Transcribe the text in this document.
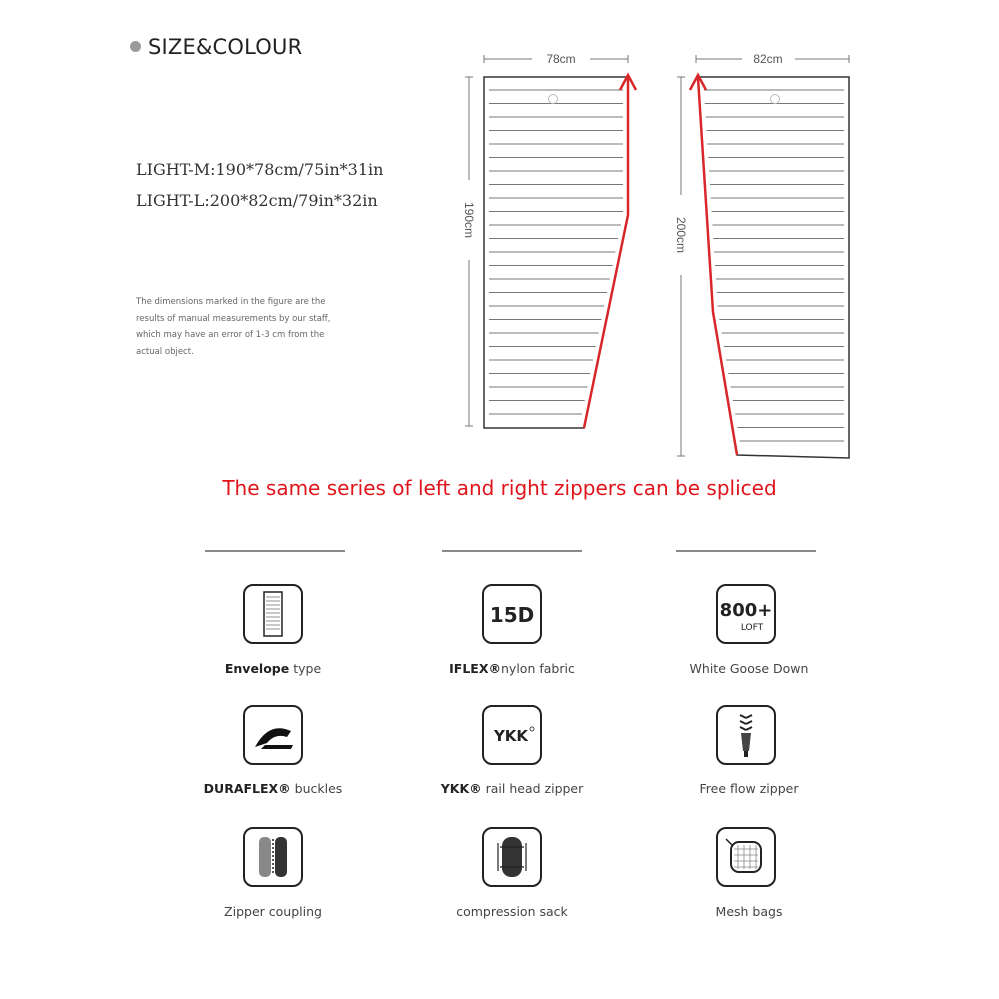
SIZE&COLOUR
LIGHT-M:190*78cm/75in*31in
LIGHT-L:200*82cm/79in*32in
The dimensions marked in the figure are the results of manual measurements by our staff, which may have an error of 1-3 cm from the actual object.
78cm
190cm
82cm
200cm
The same series of left and right zippers can be spliced
Envelope type
15D
IFLEX®nylon fabric
800+
LOFT
White Goose Down
DURAFLEX® buckles
YKK
YKK® rail head zipper	Free flow zipper
Zipper coupling	compression sack	Mesh bags
